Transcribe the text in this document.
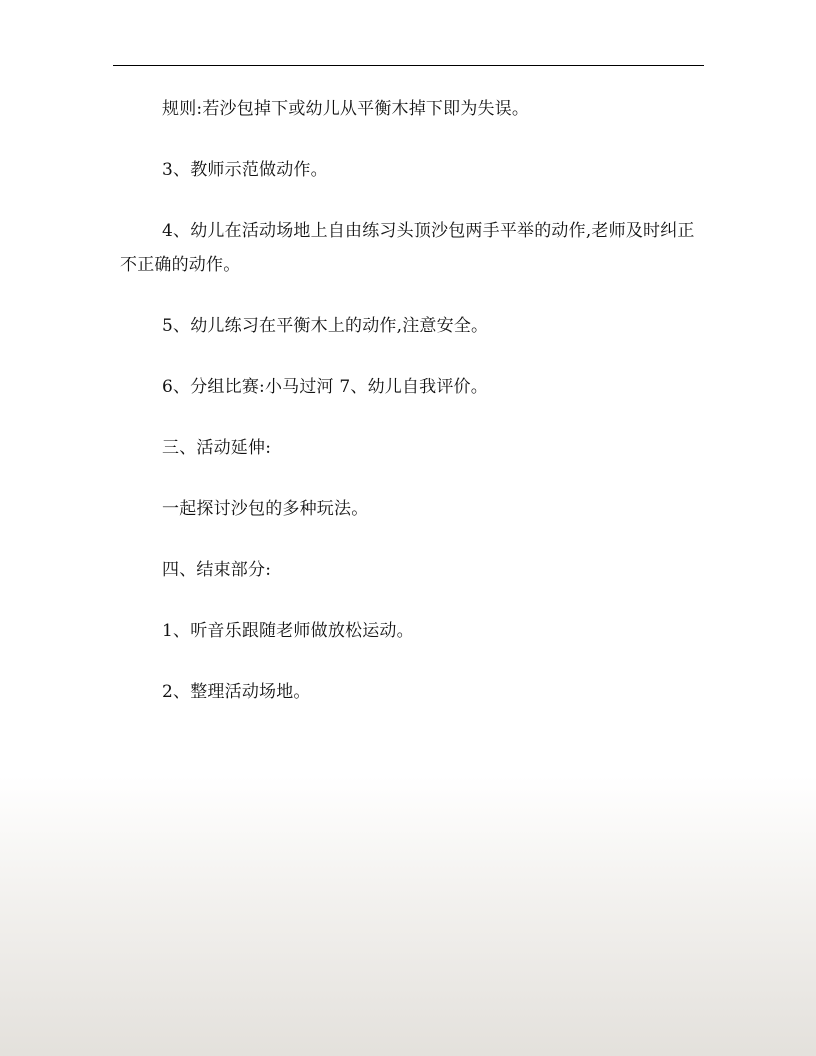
规则:若沙包掉下或幼儿从平衡木掉下即为失误。

3、教师示范做动作。

4、幼儿在活动场地上自由练习头顶沙包两手平举的动作,老师及时纠正不正确的动作。

5、幼儿练习在平衡木上的动作,注意安全。

6、分组比赛:小马过河 7、幼儿自我评价。

三、活动延伸:

一起探讨沙包的多种玩法。

四、结束部分:

1、听音乐跟随老师做放松运动。

2、整理活动场地。
